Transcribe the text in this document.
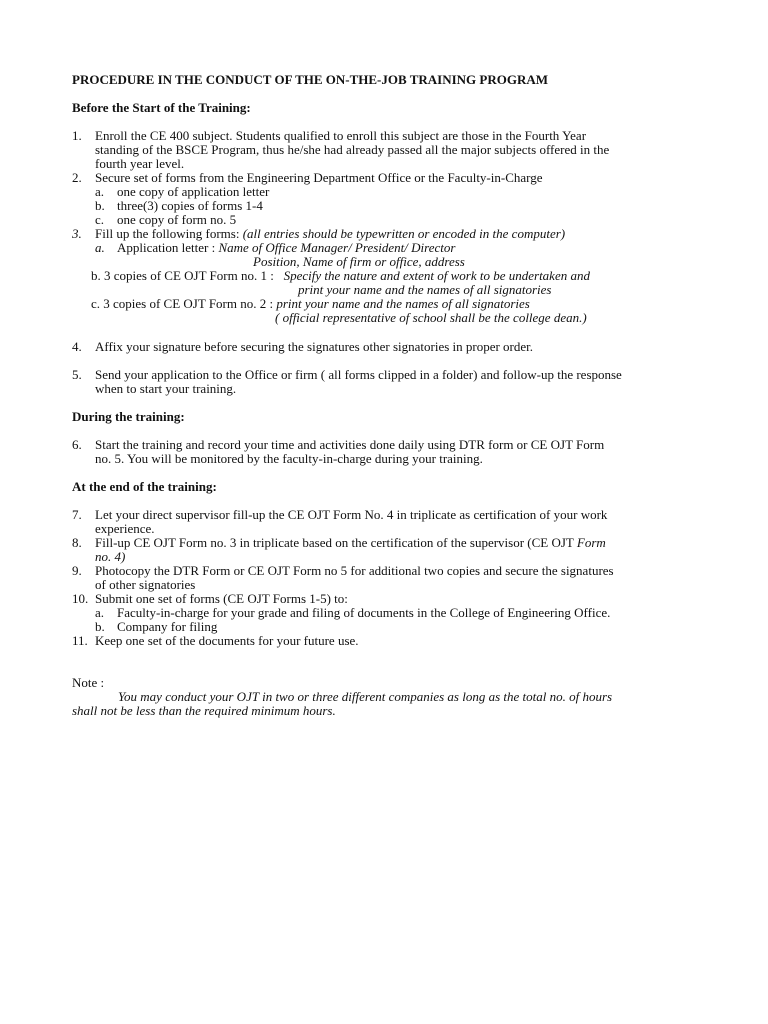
PROCEDURE IN THE CONDUCT OF THE ON-THE-JOB TRAINING PROGRAM
Before the Start of the Training:
1. Enroll the CE 400 subject. Students qualified to enroll this subject are those in the Fourth Year
standing of the BSCE Program, thus he/she had already passed all the major subjects offered in the
fourth year level.
2. Secure set of forms from the Engineering Department Office or the Faculty-in-Charge
a. one copy of application letter
b. three(3) copies of forms 1-4
c. one copy of form no. 5
3. Fill up the following forms: (all entries should be typewritten or encoded in the computer)
a. Application letter : Name of Office Manager/ President/ Director
Position, Name of firm or office, address
b. 3 copies of CE OJT Form no. 1 : Specify the nature and extent of work to be undertaken and
print your name and the names of all signatories
c. 3 copies of CE OJT Form no. 2 : print your name and the names of all signatories
( official representative of school shall be the college dean.)
4. Affix your signature before securing the signatures other signatories in proper order.
5. Send your application to the Office or firm ( all forms clipped in a folder) and follow-up the response
when to start your training.
During the training:
6. Start the training and record your time and activities done daily using DTR form or CE OJT Form
no. 5. You will be monitored by the faculty-in-charge during your training.
At the end of the training:
7. Let your direct supervisor fill-up the CE OJT Form No. 4 in triplicate as certification of your work
experience.
8. Fill-up CE OJT Form no. 3 in triplicate based on the certification of the supervisor (CE OJT Form
no. 4)
9. Photocopy the DTR Form or CE OJT Form no 5 for additional two copies and secure the signatures
of other signatories
10. Submit one set of forms (CE OJT Forms 1-5) to:
a. Faculty-in-charge for your grade and filing of documents in the College of Engineering Office.
b. Company for filing
11. Keep one set of the documents for your future use.
Note :
You may conduct your OJT in two or three different companies as long as the total no. of hours
shall not be less than the required minimum hours.
